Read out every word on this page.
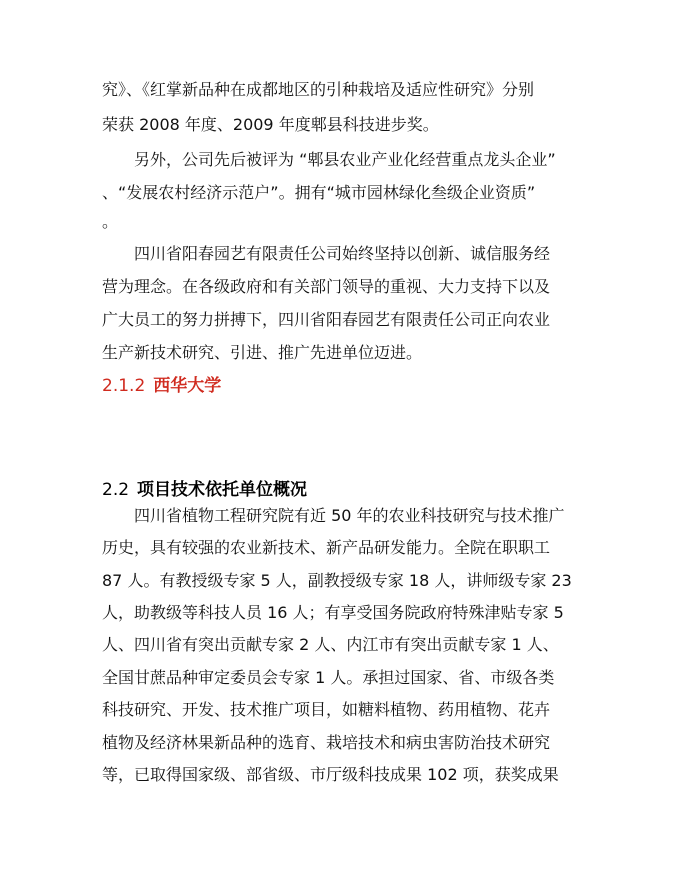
究》、《红掌新品种在成都地区的引种栽培及适应性研究》分别
荣获 2008 年度、2009 年度郫县科技进步奖。
另外，公司先后被评为 “郫县农业产业化经营重点龙头企业”
、“发展农村经济示范户”。拥有“城市园林绿化叁级企业资质”
。
四川省阳春园艺有限责任公司始终坚持以创新、诚信服务经
营为理念。在各级政府和有关部门领导的重视、大力支持下以及
广大员工的努力拼搏下，四川省阳春园艺有限责任公司正向农业
生产新技术研究、引进、推广先进单位迈进。
2.1.2 西华大学
2.2 项目技术依托单位概况
四川省植物工程研究院有近 50 年的农业科技研究与技术推广
历史，具有较强的农业新技术、新产品研发能力。全院在职职工
87 人。有教授级专家 5 人，副教授级专家 18 人，讲师级专家 23
人，助教级等科技人员 16 人；有享受国务院政府特殊津贴专家 5
人、四川省有突出贡献专家 2 人、内江市有突出贡献专家 1 人、
全国甘蔗品种审定委员会专家 1 人。承担过国家、省、市级各类
科技研究、开发、技术推广项目，如糖料植物、药用植物、花卉
植物及经济林果新品种的选育、栽培技术和病虫害防治技术研究
等，已取得国家级、部省级、市厅级科技成果 102 项，获奖成果
